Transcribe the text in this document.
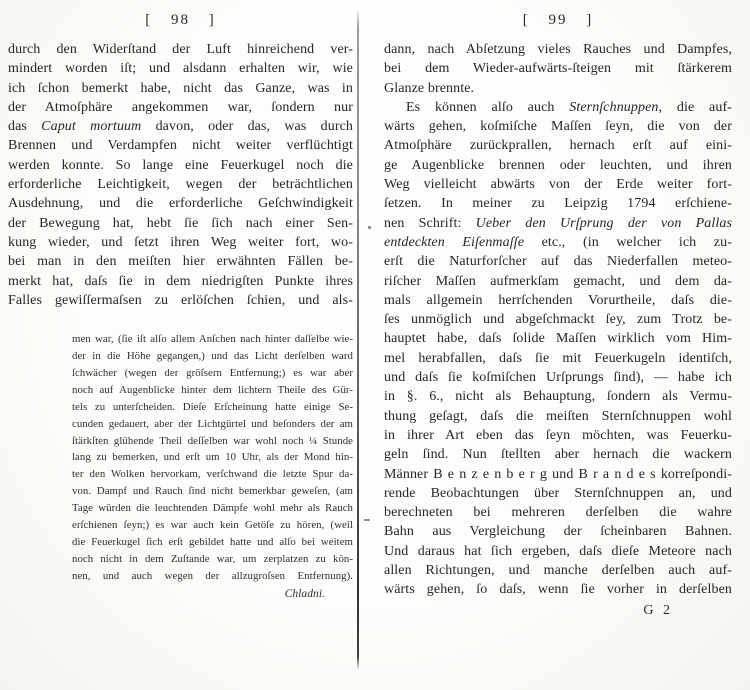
[ 98 ]
durch den Widerſtand der Luft hinreichend ver-
mindert worden iſt; und alsdann erhalten wir, wie
ich ſchon bemerkt habe, nicht das Ganze, was in
der Atmoſphäre angekommen war, ſondern nur
das Caput mortuum davon, oder das, was durch
Brennen und Verdampfen nicht weiter verflüchtigt
werden konnte. So lange eine Feuerkugel noch die
erforderliche Leichtigkeit, wegen der beträchtlichen
Ausdehnung, und die erforderliche Geſchwindigkeit
der Bewegung hat, hebt ſie ſich nach einer Sen-
kung wieder, und ſetzt ihren Weg weiter fort, wo-
bei man in den meiſten hier erwähnten Fällen be-
merkt hat, daſs ſie in dem niedrigſten Punkte ihres
Falles gewiſſermaſsen zu erlöſchen ſchien, und als-
men war, (ſie iſt alſo allem Anſchen nach hinter daſſelbe wie-
der in die Höhe gegangen,) und das Licht derſelben ward
ſchwächer (wegen der gröſsern Entfernung;) es war aber
noch auf Augenblicke hinter dem lichtern Theile des Gür-
tels zu unterſcheiden. Dieſe Erſcheinung hatte einige Se-
cunden gedauert, aber der Lichtgürtel und beſonders der am
ſtärkſten glühende Theil deſſelben war wohl noch ¼ Stunde
lang zu bemerken, und erſt um 10 Uhr, als der Mond hin-
ter den Wolken hervorkam, verſchwand die letzte Spur da-
von. Dampf und Rauch ſind nicht bemerkbar geweſen, (am
Tage würden die leuchtenden Dämpfe wohl mehr als Rauch
erſchienen ſeyn;) es war auch kein Getöſe zu hören, (weil
die Feuerkugel ſich erſt gebildet hatte und alſo bei weitem
noch nicht in dem Zuſtande war, um zerplatzen zu kön-
nen, und auch wegen der allzugroſsen Entfernung).
Chladni.
[ 99 ]
dann, nach Abſetzung vieles Rauches und Dampfes,
bei dem Wieder-aufwärts-ſteigen mit ſtärkerem
Glanze brennte.
Es können alſo auch Sternſchnuppen, die auf-
wärts gehen, koſmiſche Maſſen ſeyn, die von der
Atmoſphäre zurückprallen, hernach erſt auf eini-
ge Augenblicke brennen oder leuchten, und ihren
Weg vielleicht abwärts von der Erde weiter fort-
ſetzen. In meiner zu Leipzig 1794 erſchiene-
nen Schrift: Ueber den Urſprung der von Pallas
entdeckten Eiſenmaſſe etc., (in welcher ich zu-
erſt die Naturforſcher auf das Niederfallen meteo-
riſcher Maſſen aufmerkſam gemacht, und dem da-
mals allgemein herrſchenden Vorurtheile, daſs die-
ſes unmöglich und abgeſchmackt ſey, zum Trotz be-
hauptet habe, daſs ſolide Maſſen wirklich vom Him-
mel herabfallen, daſs ſie mit Feuerkugeln identiſch,
und daſs ſie koſmiſchen Urſprungs ſind), — habe ich
in §. 6., nicht als Behauptung, ſondern als Vermu-
thung geſagt, daſs die meiſten Sternſchnuppen wohl
in ihrer Art eben das ſeyn möchten, was Feuerku-
geln ſind. Nun ſtellten aber hernach die wackern
Männer B e n z e n b e r g und B r a n d e s korreſpondi-
rende Beobachtungen über Sternſchnuppen an, und
berechneten bei mehreren derſelben die wahre
Bahn aus Vergleichung der ſcheinbaren Bahnen.
Und daraus hat ſich ergeben, daſs dieſe Meteore nach
allen Richtungen, und manche derſelben auch auf-
wärts gehen, ſo daſs, wenn ſie vorher in derſelben
G 2
